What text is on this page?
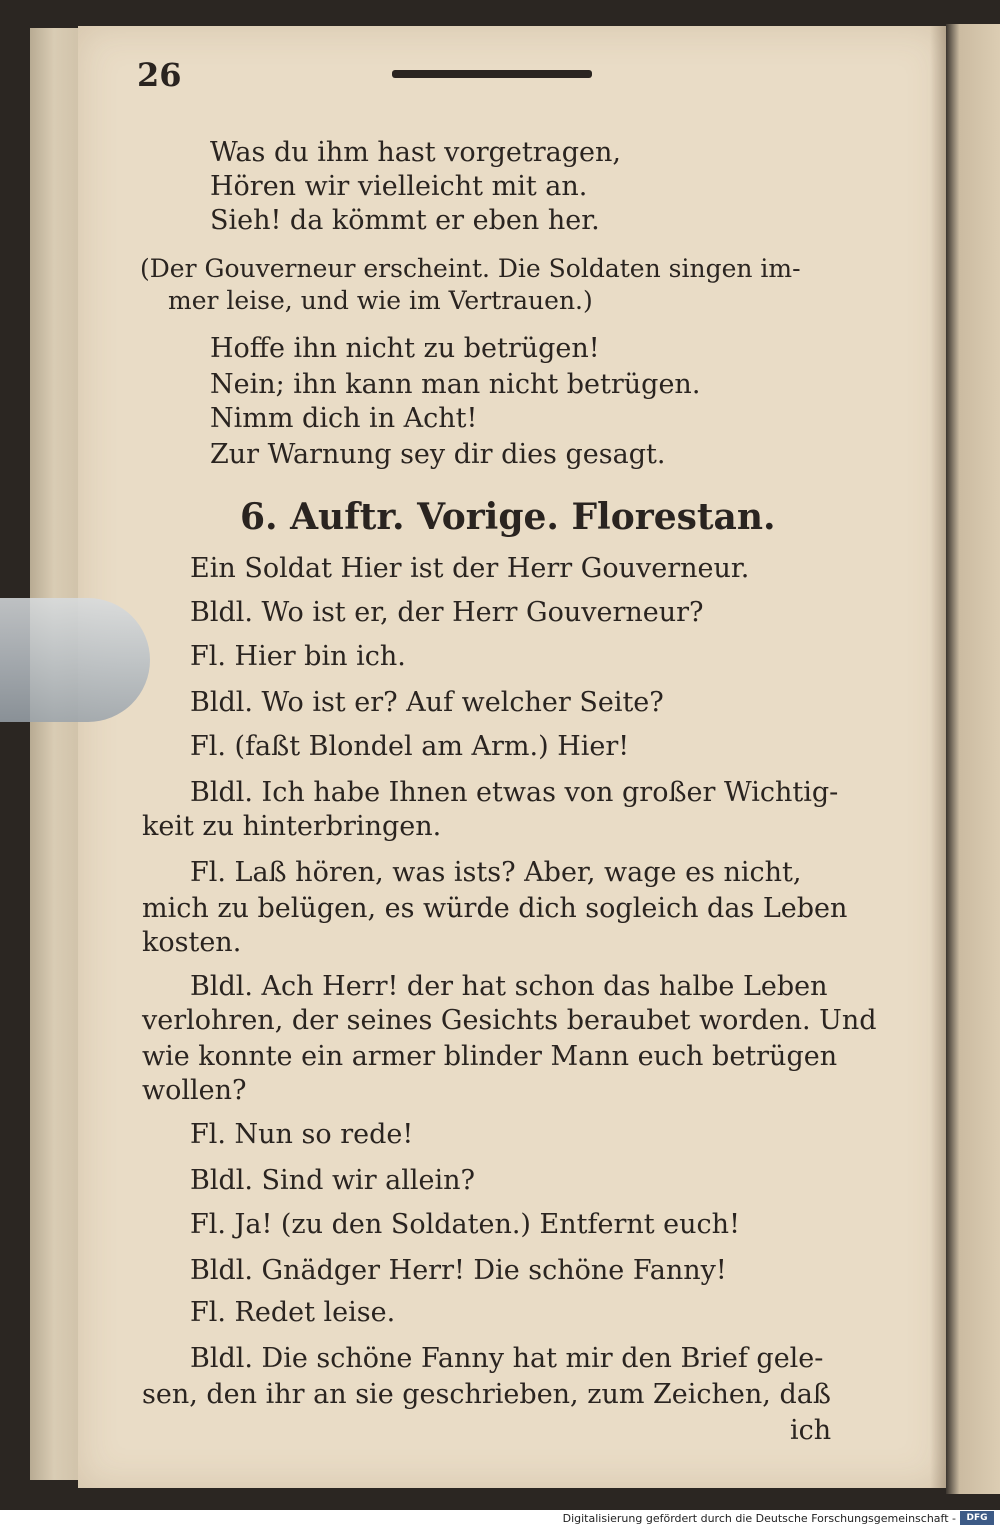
26
Was du ihm hast vorgetragen,
Hören wir vielleicht mit an.
Sieh! da kömmt er eben her.
(Der Gouverneur erscheint. Die Soldaten singen im-
mer leise, und wie im Vertrauen.)
Hoffe ihn nicht zu betrügen!
Nein; ihn kann man nicht betrügen.
Nimm dich in Acht!
Zur Warnung sey dir dies gesagt.
6. Auftr. Vorige. Florestan.
Ein Soldat Hier ist der Herr Gouverneur.
Bldl. Wo ist er, der Herr Gouverneur?
Fl. Hier bin ich.
Bldl. Wo ist er? Auf welcher Seite?
Fl. (faßt Blondel am Arm.) Hier!
Bldl. Ich habe Ihnen etwas von großer Wichtig-
keit zu hinterbringen.
Fl. Laß hören, was ists? Aber, wage es nicht,
mich zu belügen, es würde dich sogleich das Leben
kosten.
Bldl. Ach Herr! der hat schon das halbe Leben
verlohren, der seines Gesichts beraubet worden. Und
wie konnte ein armer blinder Mann euch betrügen
wollen?
Fl. Nun so rede!
Bldl. Sind wir allein?
Fl. Ja! (zu den Soldaten.) Entfernt euch!
Bldl. Gnädger Herr! Die schöne Fanny!
Fl. Redet leise.
Bldl. Die schöne Fanny hat mir den Brief gele-
sen, den ihr an sie geschrieben, zum Zeichen, daß
ich
Digitalisierung gefördert durch die Deutsche Forschungsgemeinschaft -	DFG
